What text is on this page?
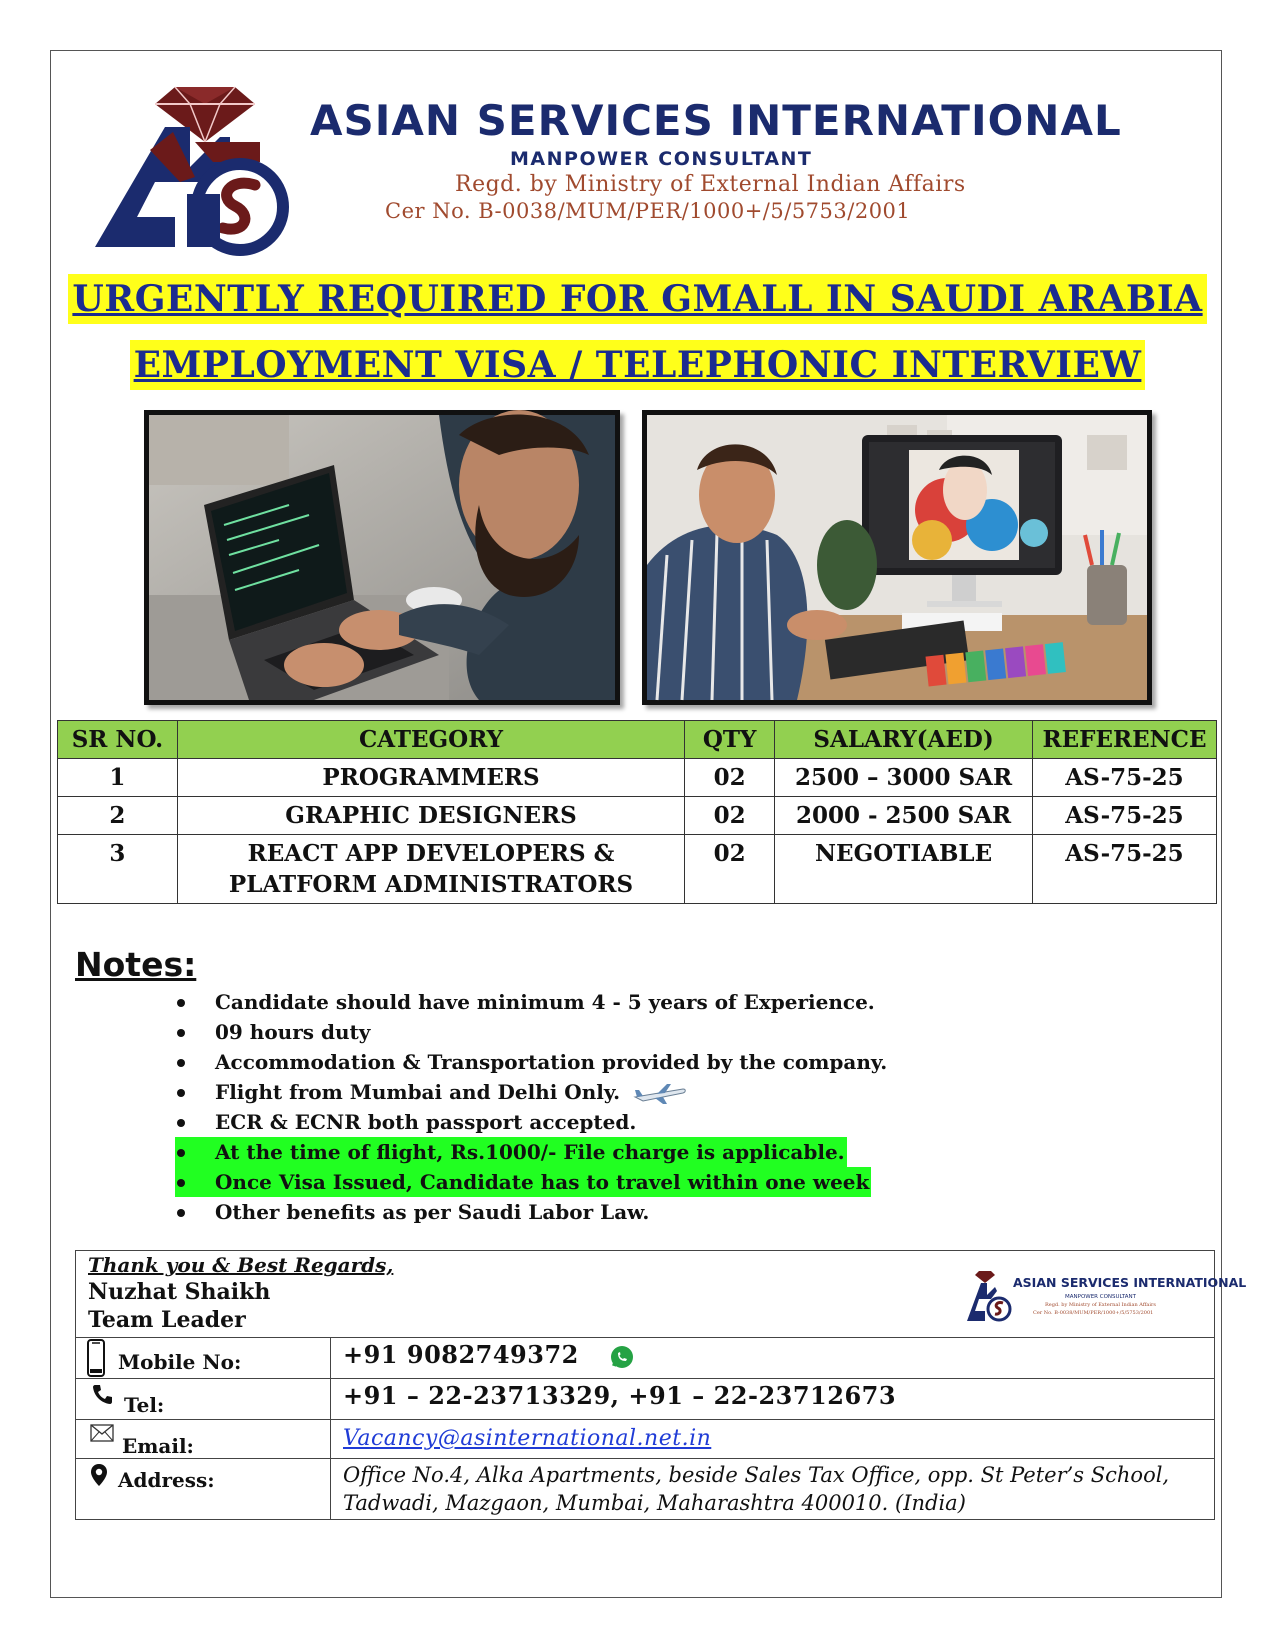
ASIAN SERVICES INTERNATIONAL
MANPOWER CONSULTANT
Regd. by Ministry of External Indian Affairs
Cer No. B-0038/MUM/PER/1000+/5/5753/2001
URGENTLY REQUIRED FOR GMALL IN SAUDI ARABIA
EMPLOYMENT VISA / TELEPHONIC INTERVIEW
SR NO.	CATEGORY	QTY	SALARY(AED)	REFERENCE
1	PROGRAMMERS	02	2500 – 3000 SAR	AS-75-25
2	GRAPHIC DESIGNERS	02	2000 - 2500 SAR	AS-75-25
3	REACT APP DEVELOPERS &
PLATFORM ADMINISTRATORS	02	NEGOTIABLE	AS-75-25
Notes:
Candidate should have minimum 4 - 5 years of Experience.
09 hours duty
Accommodation & Transportation provided by the company.
Flight from Mumbai and Delhi Only.
ECR & ECNR both passport accepted.
At the time of flight, Rs.1000/- File charge is applicable.
Once Visa Issued, Candidate has to travel within one week
Other benefits as per Saudi Labor Law.
Thank you & Best Regards,
Nuzhat Shaikh
Team Leader
ASIAN SERVICES INTERNATIONAL
MANPOWER CONSULTANT
Regd. by Ministry of External Indian Affairs
Cer No. B-0038/MUM/PER/1000+/5/5753/2001
Mobile No:	+91 9082749372
Tel:	+91 – 22-23713329, +91 – 22-23712673
Email:	Vacancy@asinternational.net.in
Address:	Office No.4, Alka Apartments, beside Sales Tax Office, opp. St Peter’s School,
Tadwadi, Mazgaon, Mumbai, Maharashtra 400010. (India)
